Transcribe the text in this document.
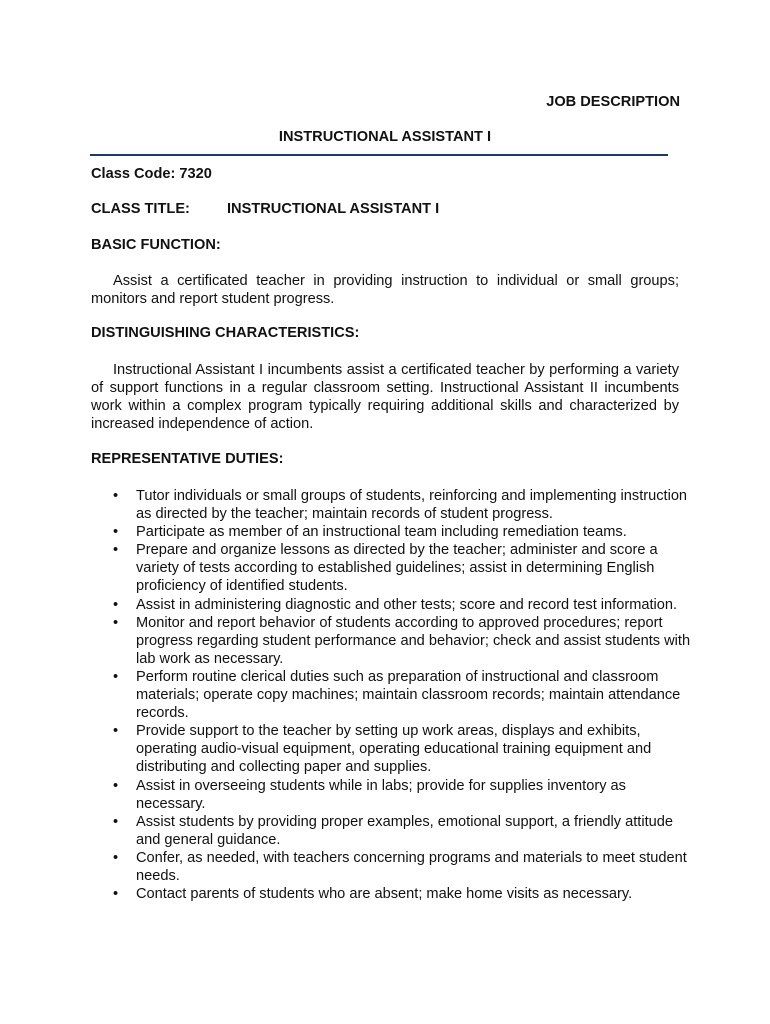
JOB DESCRIPTION
INSTRUCTIONAL ASSISTANT I
Class Code: 7320
CLASS TITLE:	INSTRUCTIONAL ASSISTANT I
BASIC FUNCTION:
Assist a certificated teacher in providing instruction to individual or small groups; monitors and report student progress.
DISTINGUISHING CHARACTERISTICS:
Instructional Assistant I incumbents assist a certificated teacher by performing a variety of support functions in a regular classroom setting. Instructional Assistant II incumbents work within a complex program typically requiring additional skills and characterized by increased independence of action.
REPRESENTATIVE DUTIES:
• Tutor individuals or small groups of students, reinforcing and implementing instruction as directed by the teacher; maintain records of student progress.
• Participate as member of an instructional team including remediation teams.
• Prepare and organize lessons as directed by the teacher; administer and score a variety of tests according to established guidelines; assist in determining English proficiency of identified students.
• Assist in administering diagnostic and other tests; score and record test information.
• Monitor and report behavior of students according to approved procedures; report progress regarding student performance and behavior; check and assist students with lab work as necessary.
• Perform routine clerical duties such as preparation of instructional and classroom materials; operate copy machines; maintain classroom records; maintain attendance records.
• Provide support to the teacher by setting up work areas, displays and exhibits, operating audio-visual equipment, operating educational training equipment and distributing and collecting paper and supplies.
• Assist in overseeing students while in labs; provide for supplies inventory as necessary.
• Assist students by providing proper examples, emotional support, a friendly attitude and general guidance.
• Confer, as needed, with teachers concerning programs and materials to meet student needs.
• Contact parents of students who are absent; make home visits as necessary.
